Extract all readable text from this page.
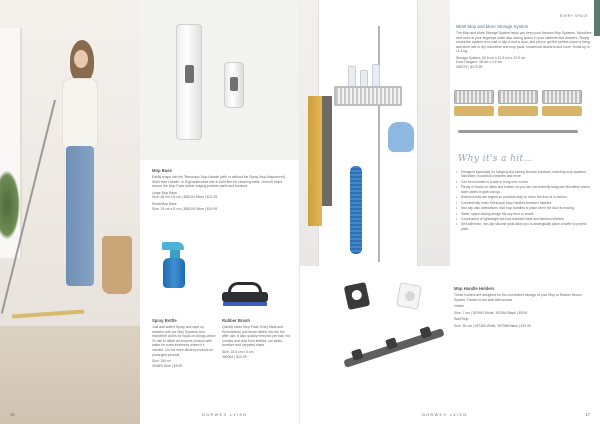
Mop Base
Easily snaps into the Telescopic Mop Handle (with or without the Spray Mop Attachment), Wall Hose Handle, or Ergodestructive lets to hold firm for cleaning walls. Velcro® strips secure the Mop Pads rubber edging protects walls and furniture.
Large Mop Base
Size: 46 cm x 8 cm | 358104 Silver | $21.99
Small Mop Base
Size: 24 cm x 8 cm | 358105 Silver | $16.99
Spray Bottle
Just add water! Spray and wipe up messes with our Mop Systems and microfibre cloths for liquid-on-things-clean! Or use to dilute an enzyme product with water for extra freshness where it's needed. Do not store diluted products for prolonged periods.
Size: 250 ml
354800 Blue | $5.99
Rubber Brush
Quickly clean Mop Pads, Entry Mats and EnviroWand; just brush debris into the bin after use. It also quickly removes pet hair, lint, crumbs and dust from textiles, car seats, furniture and carpeted stairs.
Size: 16.5 cm x 5 cm
380063 | $12.99
16	NORWEX LVIEN
EVERY SPACE
NEW Mop and More Storage System
The Mop and More Storage System helps you keep your Norwex Mop Systems, Microfibre and more at your fingertips while also saving space in your cabinets and drawers. Simply mount the system on a wall or slip it over a door, and you've got the perfect place to hang and store wet or dry microfibre and mop pads, household cleaners and more. Holds up to 11.4 kg.
Storage System: 50.5 cm x 12.5 cm x 22.5 cm
Door Hangers: 38 cm x 4.4 cm
382079 | $179.99
Why it's a hit…
• Designed especially for hanging and storing Norwex products, including mop systems, Microfibre, household cleaners and more.
• Can be mounted to a wall or hung over a door.
• Plenty of hooks on sides and bottom so you can conveniently hang wet Microfibre and/or store cloths to grab and go.
• Bottom hooks are angled so products stay on when the door is in motion.
• Conveniently holds Telescopic Mop Handles between baskets.
• Non-slip disc orientations hold mop handles in place when the door is moving.
• Sleek, space-saving design fits any door or closet.
• Constructed of lightweight but rust-resistant steel and bamboo shelves.
• Self-adhesive, non-slip silicone pads allow you to strategically place a buffer to protect paint.
Mop Handle Holders
These holders are designed for the convenient storage of your Mop or Rubber Broom System. Fasten to the wall with screws.
Holder
Size: 7 cm | 357683 White, 302064 Black | $9.99
Wall Strip
Size: 35 cm | 357383 White, 357086 Black | $19.99
NORWEX LVIEN	17
